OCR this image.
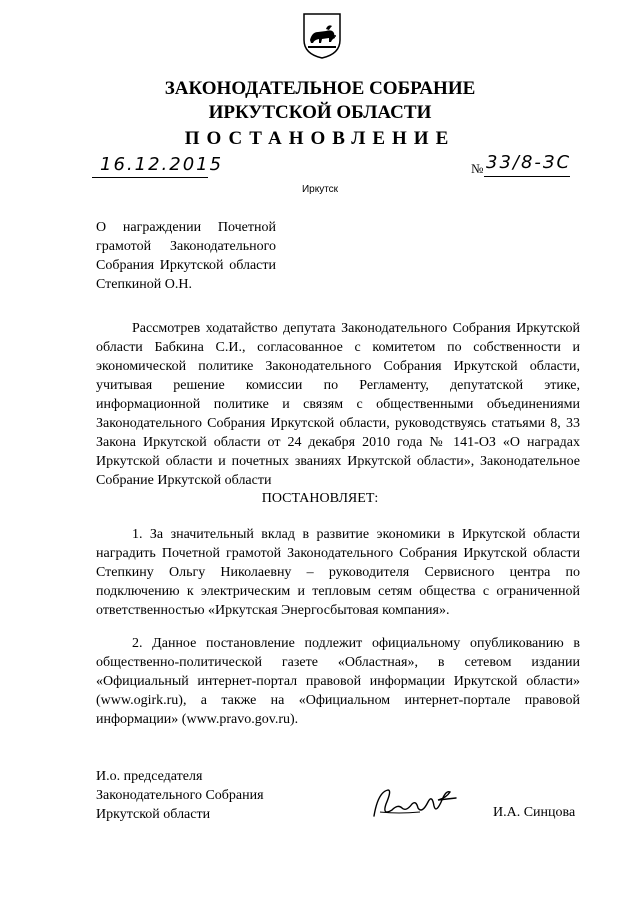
ЗАКОНОДАТЕЛЬНОЕ СОБРАНИЕ
ИРКУТСКОЙ ОБЛАСТИ
ПОСТАНОВЛЕНИЕ
16.12.2015	№ 33/8-ЗС
Иркутск
О награждении Почетной грамотой Законодательного Собрания Иркутской области Степкиной О.Н.

Рассмотрев ходатайство депутата Законодательного Собрания Иркутской области Бабкина С.И., согласованное с комитетом по собственности и экономической политике Законодательного Собрания Иркутской области, учитывая решение комиссии по Регламенту, депутатской этике, информационной политике и связям с общественными объединениями Законодательного Собрания Иркутской области, руководствуясь статьями 8, 33 Закона Иркутской области от 24 декабря 2010 года № 141-ОЗ «О наградах Иркутской области и почетных званиях Иркутской области», Законодательное Собрание Иркутской области

ПОСТАНОВЛЯЕТ:

1. За значительный вклад в развитие экономики в Иркутской области наградить Почетной грамотой Законодательного Собрания Иркутской области Степкину Ольгу Николаевну – руководителя Сервисного центра по подключению к электрическим и тепловым сетям общества с ограниченной ответственностью «Иркутская Энергосбытовая компания».

2. Данное постановление подлежит официальному опубликованию в общественно-политической газете «Областная», в сетевом издании «Официальный интернет-портал правовой информации Иркутской области» (www.ogirk.ru), а также на «Официальном интернет-портале правовой информации» (www.pravo.gov.ru).

И.о. председателя
Законодательного Собрания
Иркутской области	И.А. Синцова
